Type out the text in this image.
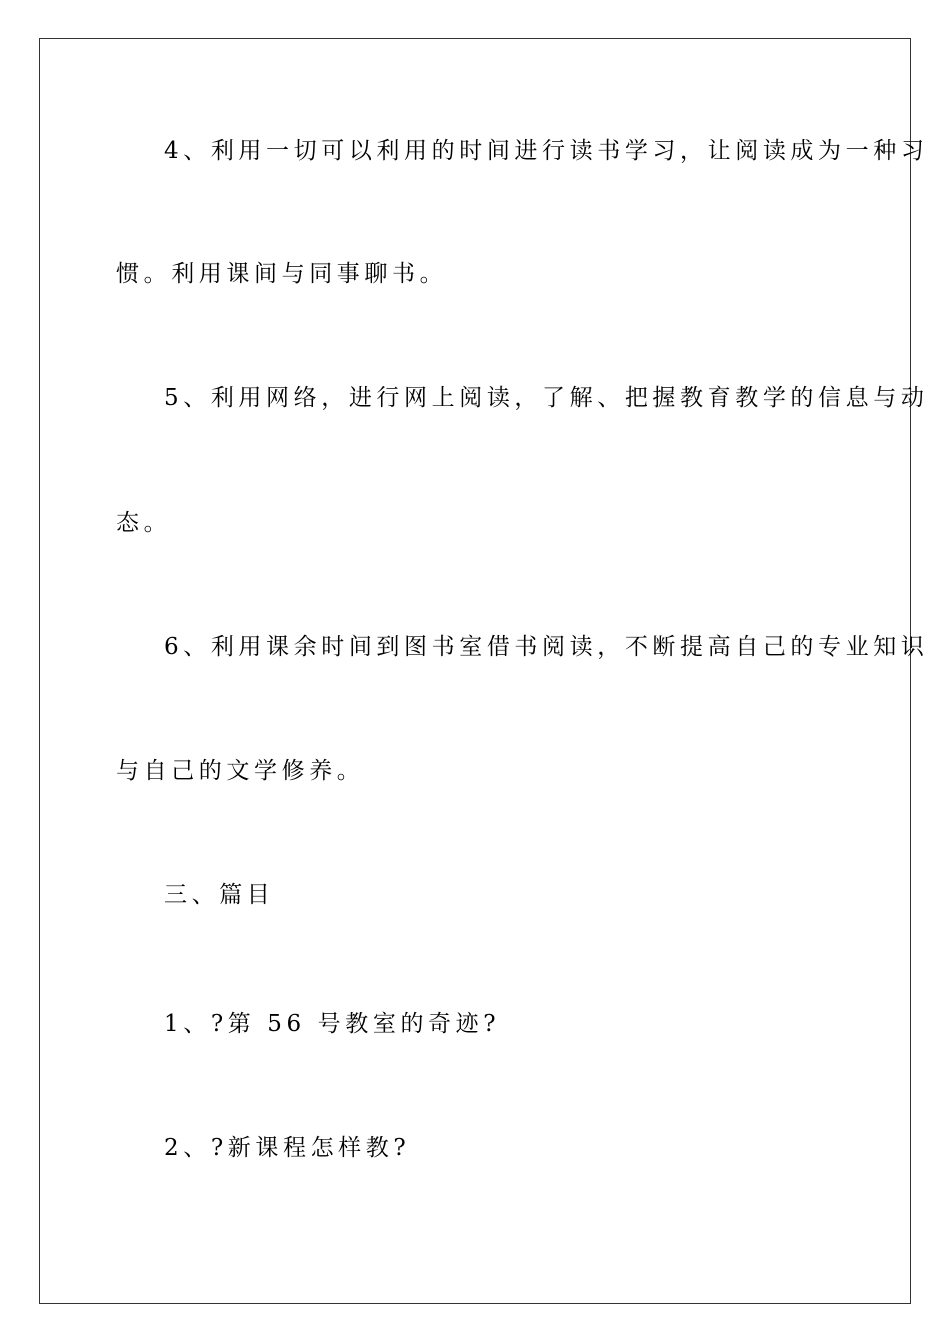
4、利用一切可以利用的时间进行读书学习，让阅读成为一种习
惯。利用课间与同事聊书。
5、利用网络，进行网上阅读，了解、把握教育教学的信息与动
态。
6、利用课余时间到图书室借书阅读，不断提高自己的专业知识
与自己的文学修养。
三、篇目
1、?第 56 号教室的奇迹?
2、?新课程怎样教?
